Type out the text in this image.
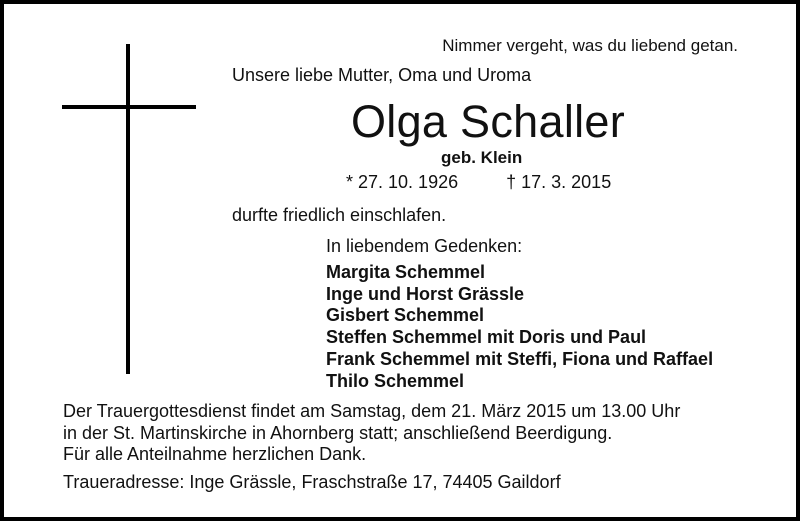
Nimmer vergeht, was du liebend getan.
Unsere liebe Mutter, Oma und Uroma
Olga Schaller
geb. Klein
* 27. 10. 1926	† 17. 3. 2015
durfte friedlich einschlafen.
In liebendem Gedenken:
Margita Schemmel
Inge und Horst Grässle
Gisbert Schemmel
Steffen Schemmel mit Doris und Paul
Frank Schemmel mit Steffi, Fiona und Raffael
Thilo Schemmel
Der Trauergottesdienst findet am Samstag, dem 21. März 2015 um 13.00 Uhr
in der St. Martinskirche in Ahornberg statt; anschließend Beerdigung.
Für alle Anteilnahme herzlichen Dank.
Traueradresse: Inge Grässle, Fraschstraße 17, 74405 Gaildorf
